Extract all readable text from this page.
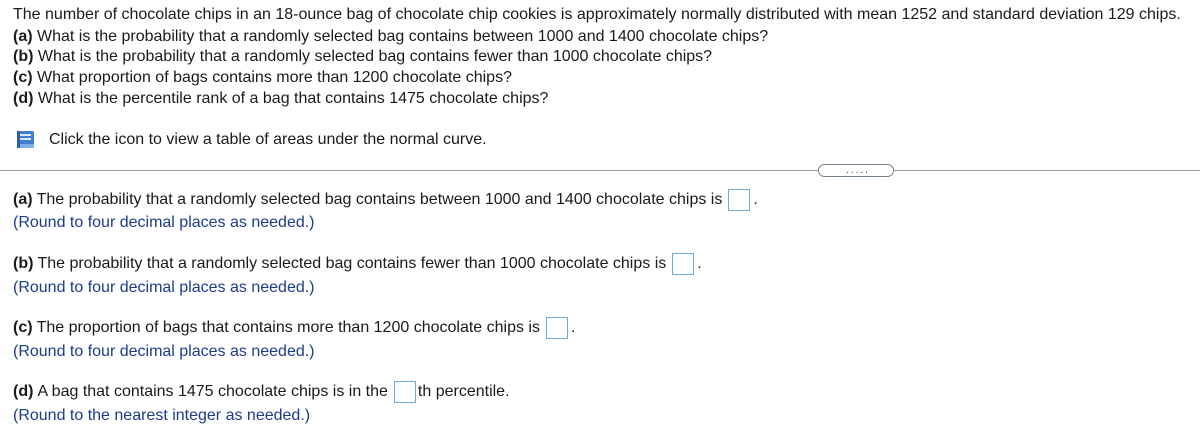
The number of chocolate chips in an 18-ounce bag of chocolate chip cookies is approximately normally distributed with mean 1252 and standard deviation 129 chips.
(a) What is the probability that a randomly selected bag contains between 1000 and 1400 chocolate chips?
(b) What is the probability that a randomly selected bag contains fewer than 1000 chocolate chips?
(c) What proportion of bags contains more than 1200 chocolate chips?
(d) What is the percentile rank of a bag that contains 1475 chocolate chips?
Click the icon to view a table of areas under the normal curve.
.....
(a) The probability that a randomly selected bag contains between 1000 and 1400 chocolate chips is .
(Round to four decimal places as needed.)
(b) The probability that a randomly selected bag contains fewer than 1000 chocolate chips is .
(Round to four decimal places as needed.)
(c) The proportion of bags that contains more than 1200 chocolate chips is .
(Round to four decimal places as needed.)
(d) A bag that contains 1475 chocolate chips is in the th percentile.
(Round to the nearest integer as needed.)
